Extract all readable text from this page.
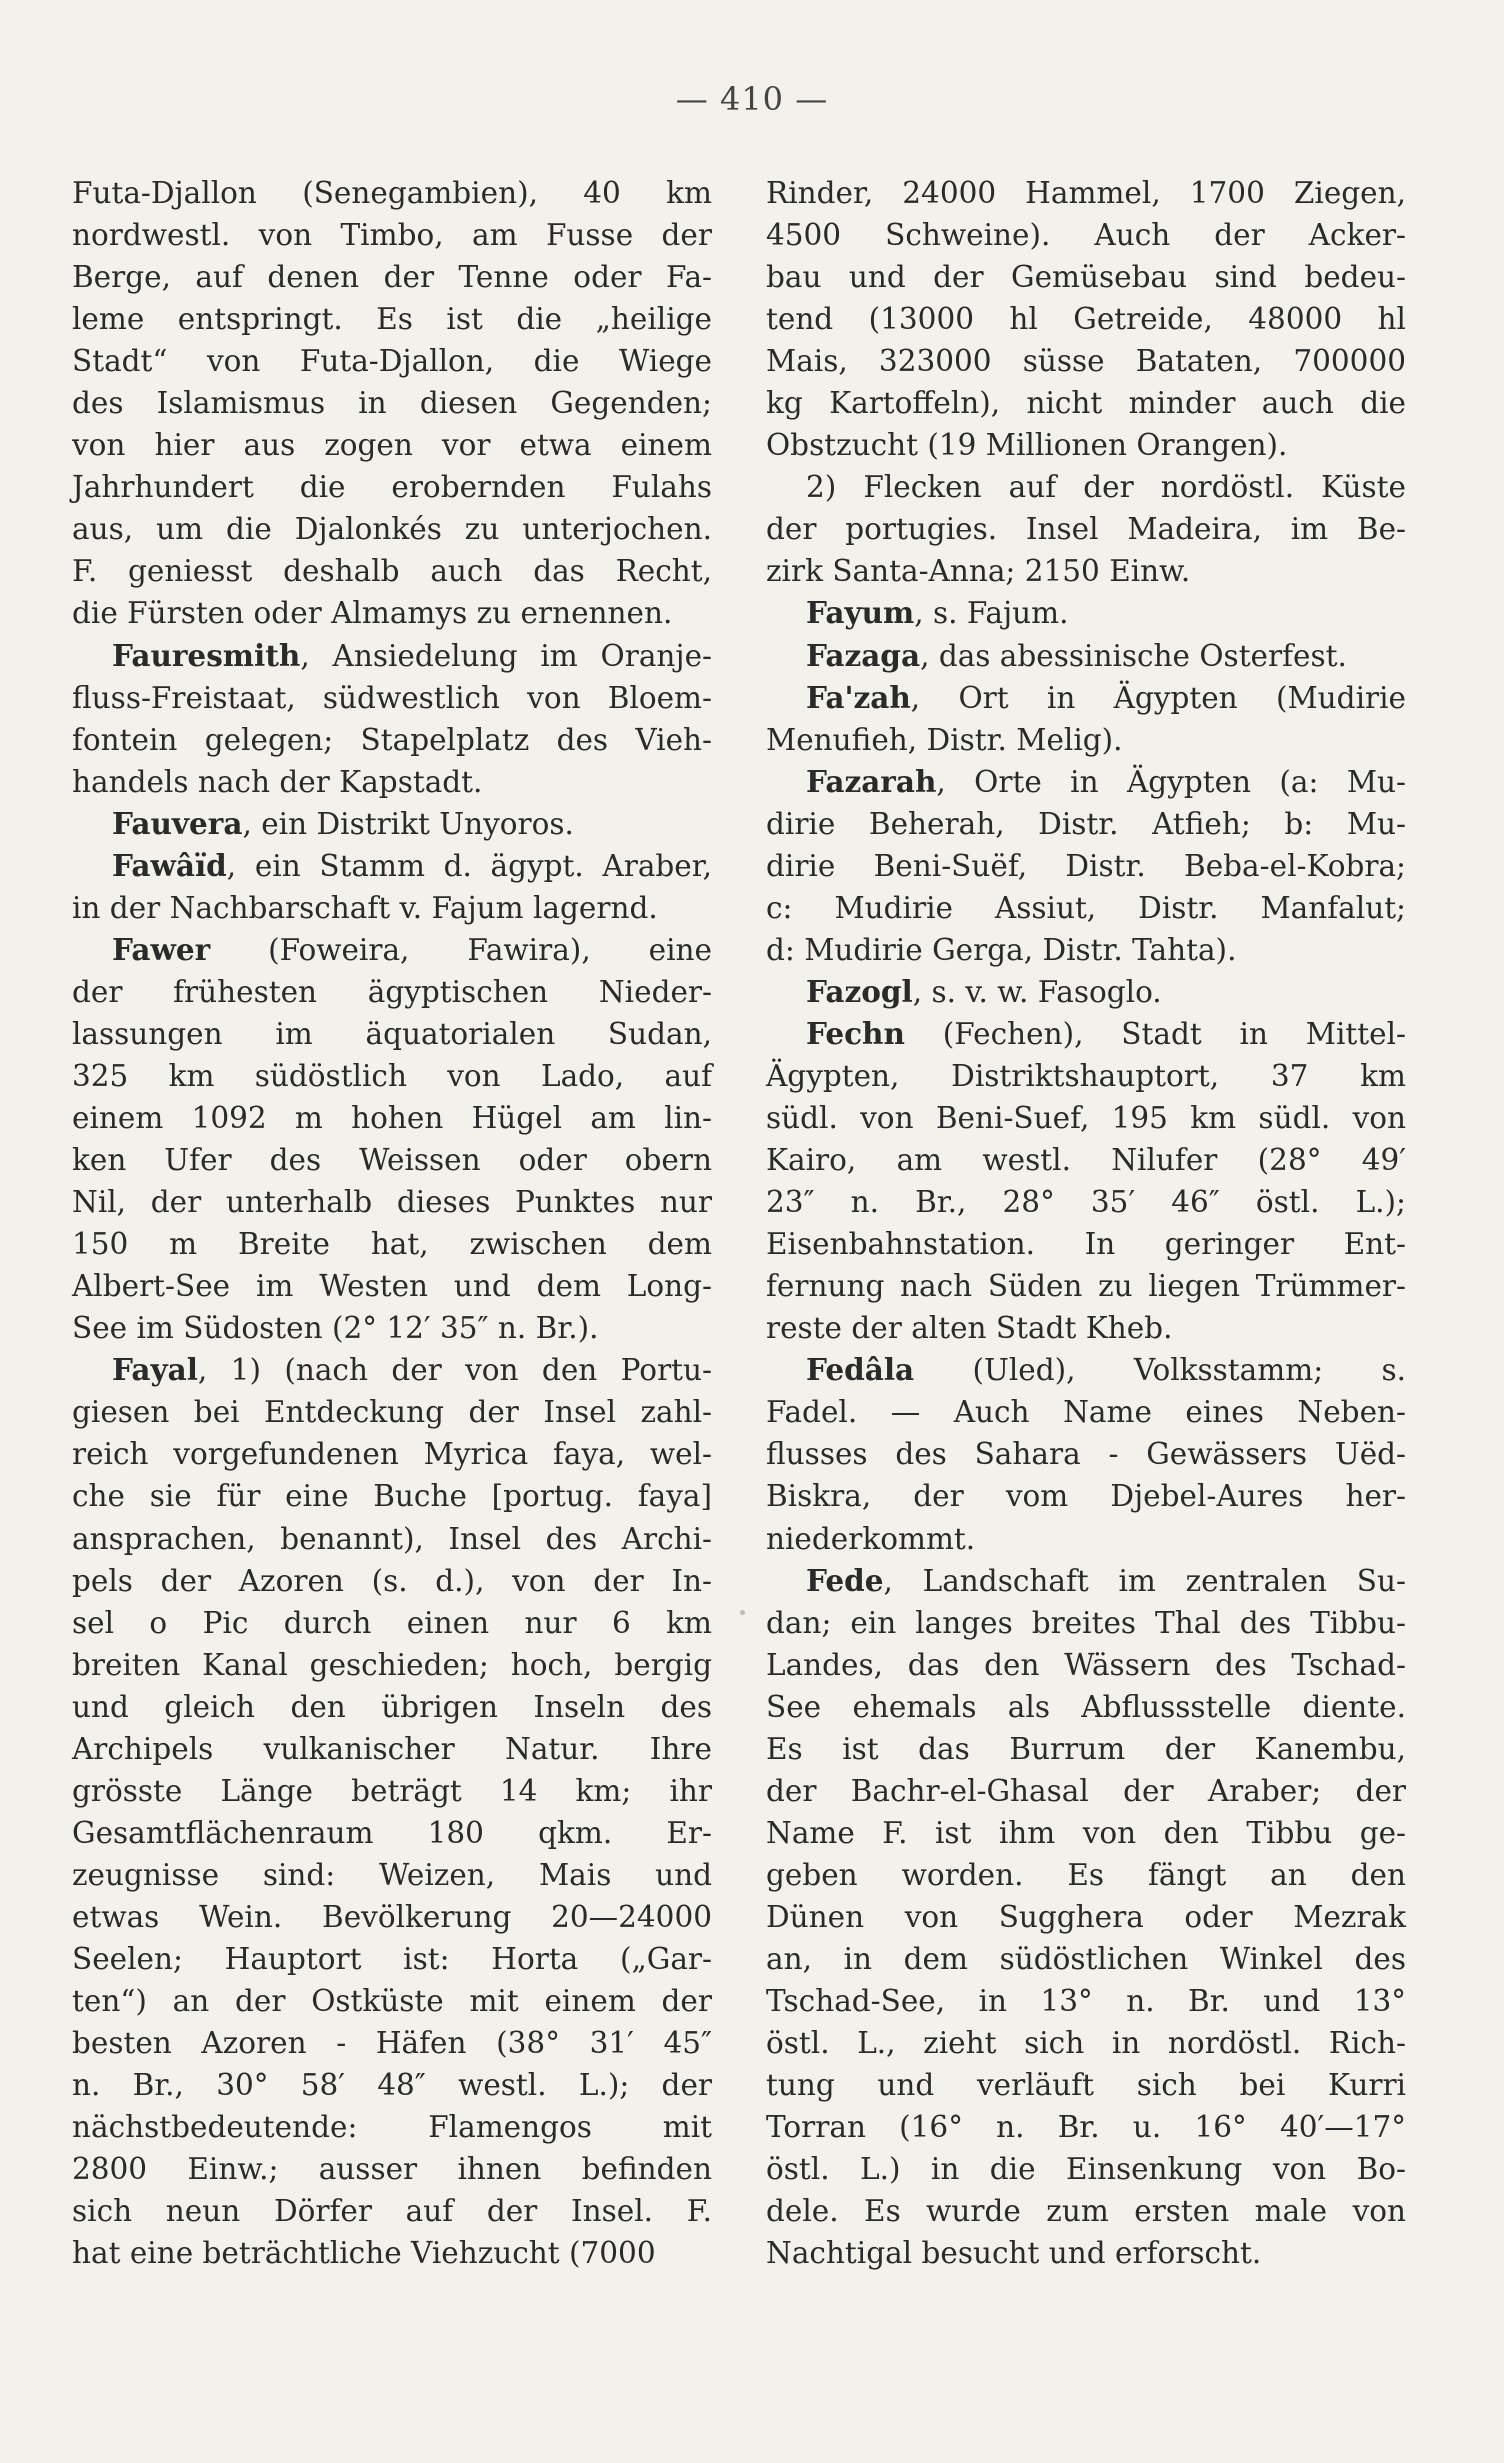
— 410 —
Futa-Djallon (Senegambien), 40 km
nordwestl. von Timbo, am Fusse der
Berge, auf denen der Tenne oder Fa-
leme entspringt. Es ist die „heilige
Stadt“ von Futa-Djallon, die Wiege
des Islamismus in diesen Gegenden;
von hier aus zogen vor etwa einem
Jahrhundert die erobernden Fulahs
aus, um die Djalonkés zu unterjochen.
F. geniesst deshalb auch das Recht,
die Fürsten oder Almamys zu ernennen.
Fauresmith, Ansiedelung im Oranje-
fluss-Freistaat, südwestlich von Bloem-
fontein gelegen; Stapelplatz des Vieh-
handels nach der Kapstadt.
Fauvera, ein Distrikt Unyoros.
Fawâïd, ein Stamm d. ägypt. Araber,
in der Nachbarschaft v. Fajum lagernd.
Fawer (Foweira, Fawira), eine
der frühesten ägyptischen Nieder-
lassungen im äquatorialen Sudan,
325 km südöstlich von Lado, auf
einem 1092 m hohen Hügel am lin-
ken Ufer des Weissen oder obern
Nil, der unterhalb dieses Punktes nur
150 m Breite hat, zwischen dem
Albert-See im Westen und dem Long-
See im Südosten (2° 12′ 35″ n. Br.).
Fayal, 1) (nach der von den Portu-
giesen bei Entdeckung der Insel zahl-
reich vorgefundenen Myrica faya, wel-
che sie für eine Buche [portug. faya]
ansprachen, benannt), Insel des Archi-
pels der Azoren (s. d.), von der In-
sel o Pic durch einen nur 6 km
breiten Kanal geschieden; hoch, bergig
und gleich den übrigen Inseln des
Archipels vulkanischer Natur. Ihre
grösste Länge beträgt 14 km; ihr
Gesamtflächenraum 180 qkm. Er-
zeugnisse sind: Weizen, Mais und
etwas Wein. Bevölkerung 20—24000
Seelen; Hauptort ist: Horta („Gar-
ten“) an der Ostküste mit einem der
besten Azoren - Häfen (38° 31′ 45″
n. Br., 30° 58′ 48″ westl. L.); der
nächstbedeutende: Flamengos mit
2800 Einw.; ausser ihnen befinden
sich neun Dörfer auf der Insel. F.
hat eine beträchtliche Viehzucht (7000
Rinder, 24000 Hammel, 1700 Ziegen,
4500 Schweine). Auch der Acker-
bau und der Gemüsebau sind bedeu-
tend (13000 hl Getreide, 48000 hl
Mais, 323000 süsse Bataten, 700000
kg Kartoffeln), nicht minder auch die
Obstzucht (19 Millionen Orangen).
2) Flecken auf der nordöstl. Küste
der portugies. Insel Madeira, im Be-
zirk Santa-Anna; 2150 Einw.
Fayum, s. Fajum.
Fazaga, das abessinische Osterfest.
Fa'zah, Ort in Ägypten (Mudirie
Menufieh, Distr. Melig).
Fazarah, Orte in Ägypten (a: Mu-
dirie Beherah, Distr. Atfieh; b: Mu-
dirie Beni-Suëf, Distr. Beba-el-Kobra;
c: Mudirie Assiut, Distr. Manfalut;
d: Mudirie Gerga, Distr. Tahta).
Fazogl, s. v. w. Fasoglo.
Fechn (Fechen), Stadt in Mittel-
Ägypten, Distriktshauptort, 37 km
südl. von Beni-Suef, 195 km südl. von
Kairo, am westl. Nilufer (28° 49′
23″ n. Br., 28° 35′ 46″ östl. L.);
Eisenbahnstation. In geringer Ent-
fernung nach Süden zu liegen Trümmer-
reste der alten Stadt Kheb.
Fedâla (Uled), Volksstamm; s.
Fadel. — Auch Name eines Neben-
flusses des Sahara - Gewässers Uëd-
Biskra, der vom Djebel-Aures her-
niederkommt.
Fede, Landschaft im zentralen Su-
dan; ein langes breites Thal des Tibbu-
Landes, das den Wässern des Tschad-
See ehemals als Abflussstelle diente.
Es ist das Burrum der Kanembu,
der Bachr-el-Ghasal der Araber; der
Name F. ist ihm von den Tibbu ge-
geben worden. Es fängt an den
Dünen von Sugghera oder Mezrak
an, in dem südöstlichen Winkel des
Tschad-See, in 13° n. Br. und 13°
östl. L., zieht sich in nordöstl. Rich-
tung und verläuft sich bei Kurri
Torran (16° n. Br. u. 16° 40′—17°
östl. L.) in die Einsenkung von Bo-
dele. Es wurde zum ersten male von
Nachtigal besucht und erforscht.
